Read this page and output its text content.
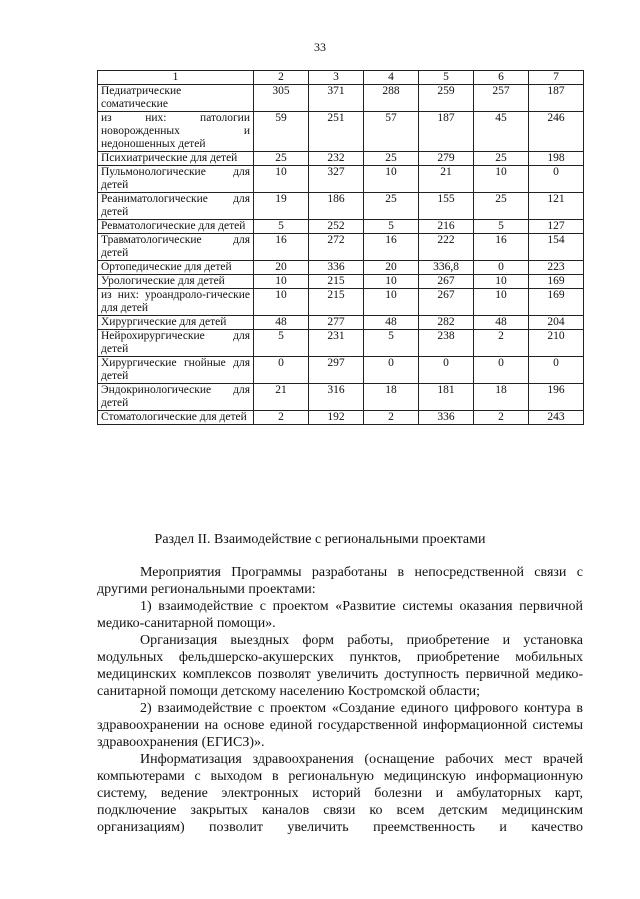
33
1	2	3	4	5	6	7
Педиатрические соматические	305	371	288	259	257	187
из них: патологии новорожденных и недоношенных детей	59	251	57	187	45	246
Психиатрические для детей	25	232	25	279	25	198
Пульмонологические для детей	10	327	10	21	10	0
Реаниматологические для детей	19	186	25	155	25	121
Ревматологические для детей	5	252	5	216	5	127
Травматологические для детей	16	272	16	222	16	154
Ортопедические для детей	20	336	20	336,8	0	223
Урологические для детей	10	215	10	267	10	169
из них: уроандроло-гические для детей	10	215	10	267	10	169
Хирургические для детей	48	277	48	282	48	204
Нейрохирургические для детей	5	231	5	238	2	210
Хирургические гнойные для детей	0	297	0	0	0	0
Эндокринологические для детей	21	316	18	181	18	196
Стоматологические для детей	2	192	2	336	2	243
Раздел II. Взаимодействие с региональными проектами

Мероприятия Программы разработаны в непосредственной связи с другими региональными проектами:

1) взаимодействие с проектом «Развитие системы оказания первичной медико-санитарной помощи».

Организация выездных форм работы, приобретение и установка модульных фельдшерско-акушерских пунктов, приобретение мобильных медицинских комплексов позволят увеличить доступность первичной медико-санитарной помощи детскому населению Костромской области;

2) взаимодействие с проектом «Создание единого цифрового контура в здравоохранении на основе единой государственной информационной системы здравоохранения (ЕГИСЗ)».

Информатизация здравоохранения (оснащение рабочих мест врачей компьютерами с выходом в региональную медицинскую информационную систему, ведение электронных историй болезни и амбулаторных карт, подключение закрытых каналов связи ко всем детским медицинским организациям) позволит увеличить преемственность и качество
